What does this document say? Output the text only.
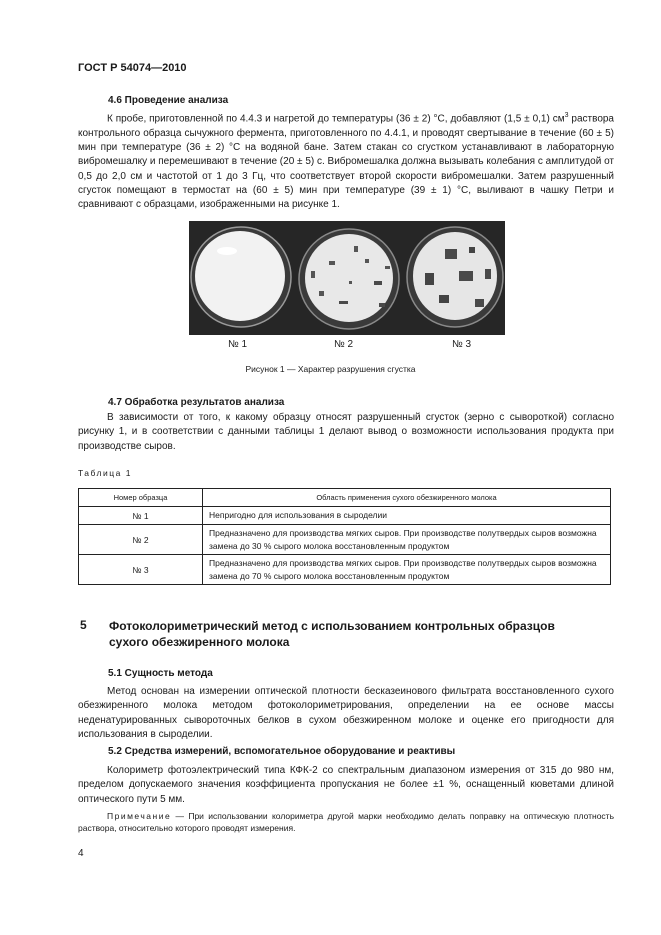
ГОСТ Р 54074—2010
4.6 Проведение анализа
К пробе, приготовленной по 4.4.3 и нагретой до температуры (36 ± 2) °С, добавляют (1,5 ± 0,1) $см^3$ раствора контрольного образца сычужного фермента, приготовленного по 4.4.1, и проводят свертывание в течение (60 ± 5) мин при температуре (36 ± 2) °С на водяной бане. Затем стакан со сгустком устанавливают в лабораторную вибромешалку и перемешивают в течение (20 ± 5) с. Вибромешалка должна вызывать колебания с амплитудой от 0,5 до 2,0 см и частотой от 1 до 3 Гц, что соответствует второй скорости вибромешалки. Затем разрушенный сгусток помещают в термостат на (60 ± 5) мин при температуре (39 ± 1) °С, выливают в чашку Петри и сравнивают с образцами, изображенными на рисунке 1.
№ 1	№ 2	№ 3
Рисунок 1 — Характер разрушения сгустка
4.7 Обработка результатов анализа
В зависимости от того, к какому образцу относят разрушенный сгусток (зерно с сывороткой) согласно рисунку 1, и в соответствии с данными таблицы 1 делают вывод о возможности использования продукта при производстве сыров.
Таблица 1
Номер образца	Область применения сухого обезжиренного молока
№ 1	Непригодно для использования в сыроделии
№ 2	Предназначено для производства мягких сыров. При производстве полутвердых сыров возможна замена до 30 % сырого молока восстановленным продуктом
№ 3	Предназначено для производства мягких сыров. При производстве полутвердых сыров возможна замена до 70 % сырого молока восстановленным продуктом
5 Фотоколориметрический метод с использованием контрольных образцов сухого обезжиренного молока
5.1 Сущность метода
Метод основан на измерении оптической плотности бесказеинового фильтрата восстановленного сухого обезжиренного молока методом фотоколориметрирования, определении на ее основе массы неденатурированных сывороточных белков в сухом обезжиренном молоке и оценке его пригодности для использования в сыроделии.
5.2 Средства измерений, вспомогательное оборудование и реактивы
Колориметр фотоэлектрический типа КФК-2 со спектральным диапазоном измерения от 315 до 980 нм, пределом допускаемого значения коэффициента пропускания не более ±1 %, оснащенный кюветами длиной оптического пути 5 мм.
Примечание — При использовании колориметра другой марки необходимо делать поправку на оптическую плотность раствора, относительно которого проводят измерения.
4
